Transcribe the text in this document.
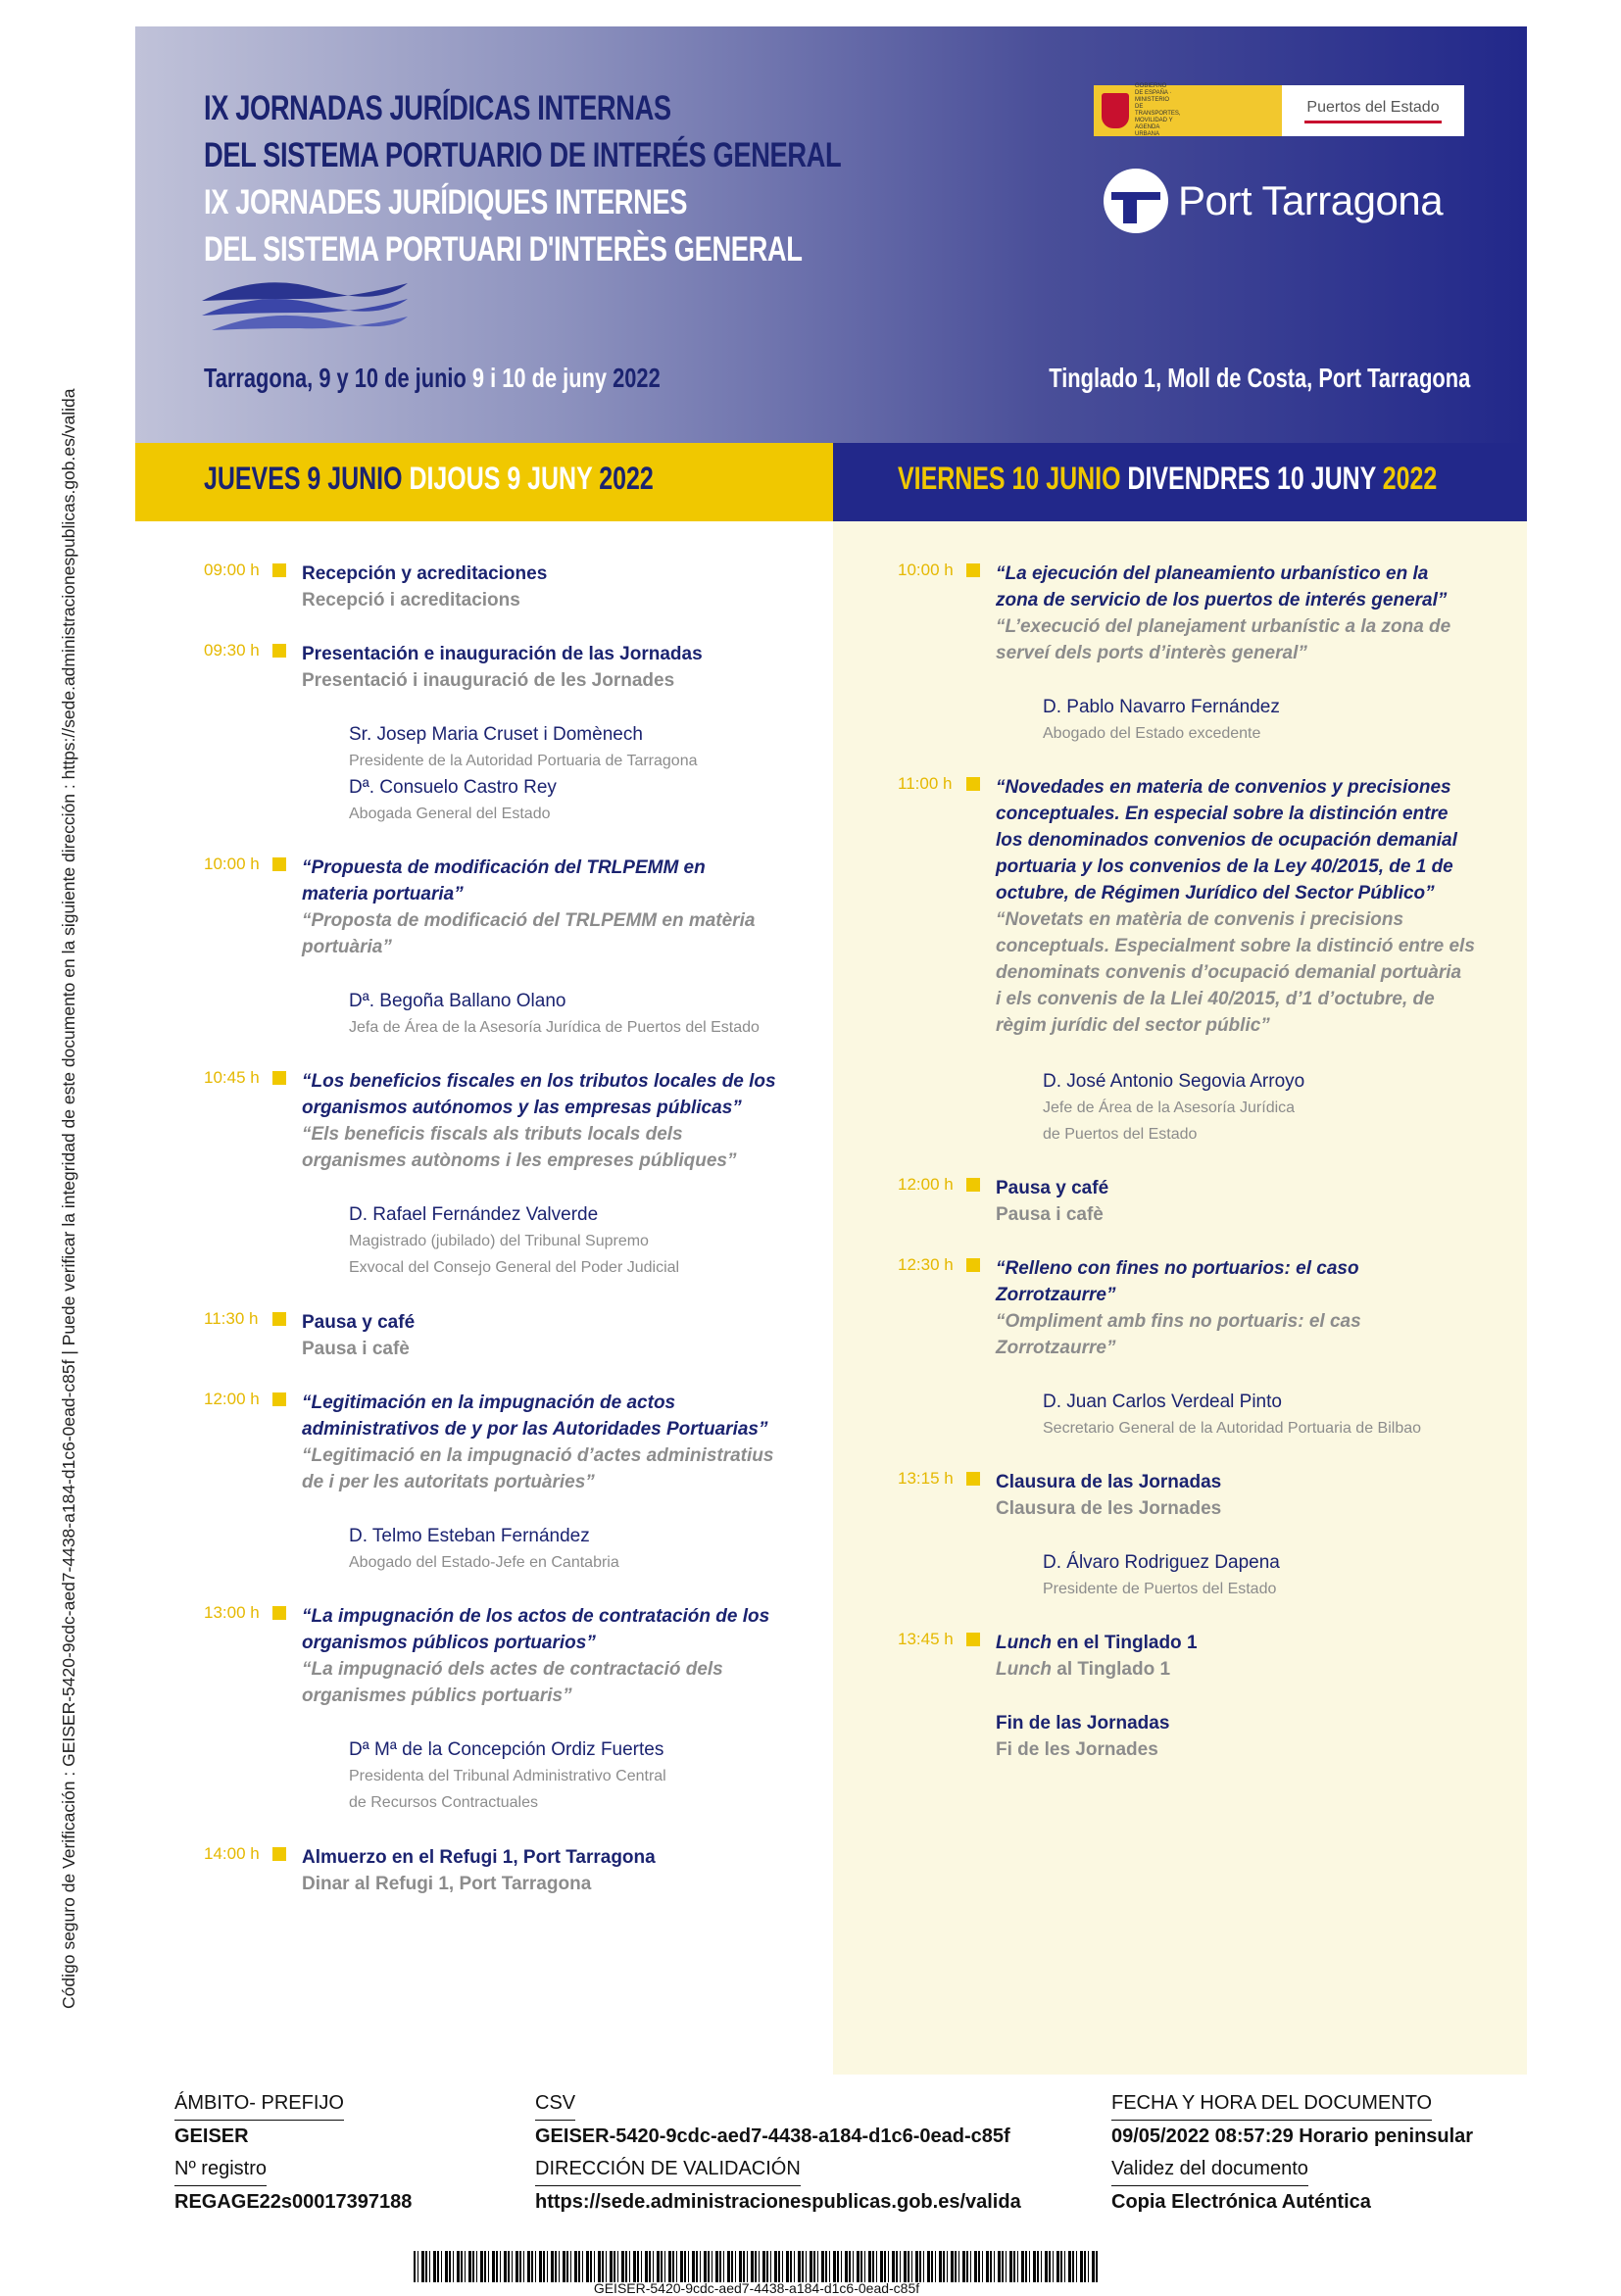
Código seguro de Verificación : GEISER-5420-9cdc-aed7-4438-a184-d1c6-0ead-c85f | Puede verificar la integridad de este documento en la siguiente dirección : https://sede.administracionespublicas.gob.es/valida
IX JORNADAS JURÍDICAS INTERNAS
DEL SISTEMA PORTUARIO DE INTERÉS GENERAL
IX JORNADES JURÍDIQUES INTERNES
DEL SISTEMA PORTUARI D'INTERÈS GENERAL
Tarragona, 9 y 10 de junio 9 i 10 de juny 2022	Tinglado 1, Moll de Costa, Port Tarragona
GOBIERNO DE ESPAÑA · MINISTERIO DE TRANSPORTES, MOVILIDAD Y AGENDA URBANA
Puertos del Estado
Port Tarragona
JUEVES 9 JUNIO DIJOUS 9 JUNY 2022	VIERNES 10 JUNIO DIVENDRES 10 JUNY 2022
09:00 h	Recepción y acreditaciones
Recepció i acreditacions
09:30 h	Presentación e inauguración de las Jornadas
Presentació i inauguració de les Jornades
Sr. Josep Maria Cruset i Domènech
Presidente de la Autoridad Portuaria de Tarragona
Dª. Consuelo Castro Rey
Abogada General del Estado
10:00 h	“Propuesta de modificación del TRLPEMM en
materia portuaria”
“Proposta de modificació del TRLPEMM en matèria
portuària”
Dª. Begoña Ballano Olano
Jefa de Área de la Asesoría Jurídica de Puertos del Estado
10:45 h	“Los beneficios fiscales en los tributos locales de los
organismos autónomos y las empresas públicas”
“Els beneficis fiscals als tributs locals dels
organismes autònoms i les empreses públiques”
D. Rafael Fernández Valverde
Magistrado (jubilado) del Tribunal Supremo
Exvocal del Consejo General del Poder Judicial
11:30 h	Pausa y café
Pausa i cafè
12:00 h	“Legitimación en la impugnación de actos
administrativos de y por las Autoridades Portuarias”
“Legitimació en la impugnació d’actes administratius
de i per les autoritats portuàries”
D. Telmo Esteban Fernández
Abogado del Estado-Jefe en Cantabria
13:00 h	“La impugnación de los actos de contratación de los
organismos públicos portuarios”
“La impugnació dels actes de contractació dels
organismes públics portuaris”
Dª Mª de la Concepción Ordiz Fuertes
Presidenta del Tribunal Administrativo Central
de Recursos Contractuales
14:00 h	Almuerzo en el Refugi 1, Port Tarragona
Dinar al Refugi 1, Port Tarragona
10:00 h	“La ejecución del planeamiento urbanístico en la
zona de servicio de los puertos de interés general”
“L’execució del planejament urbanístic a la zona de
serveí dels ports d’interès general”
D. Pablo Navarro Fernández
Abogado del Estado excedente
11:00 h	“Novedades en materia de convenios y precisiones
conceptuales. En especial sobre la distinción entre
los denominados convenios de ocupación demanial
portuaria y los convenios de la Ley 40/2015, de 1 de
octubre, de Régimen Jurídico del Sector Público”
“Novetats en matèria de convenis i precisions
conceptuals. Especialment sobre la distinció entre els
denominats convenis d’ocupació demanial portuària
i els convenis de la Llei 40/2015, d’1 d’octubre, de
règim jurídic del sector públic”
D. José Antonio Segovia Arroyo
Jefe de Área de la Asesoría Jurídica
de Puertos del Estado
12:00 h	Pausa y café
Pausa i cafè
12:30 h	“Relleno con fines no portuarios: el caso
Zorrotzaurre”
“Ompliment amb fins no portuaris: el cas
Zorrotzaurre”
D. Juan Carlos Verdeal Pinto
Secretario General de la Autoridad Portuaria de Bilbao
13:15 h	Clausura de las Jornadas
Clausura de les Jornades
D. Álvaro Rodriguez Dapena
Presidente de Puertos del Estado
13:45 h	Lunch en el Tinglado 1
Lunch al Tinglado 1
Fin de las Jornadas
Fi de les Jornades
ÁMBITO- PREFIJO
GEISER
Nº registro
REGAGE22s00017397188
CSV
GEISER-5420-9cdc-aed7-4438-a184-d1c6-0ead-c85f
DIRECCIÓN DE VALIDACIÓN
https://sede.administracionespublicas.gob.es/valida
FECHA Y HORA DEL DOCUMENTO
09/05/2022 08:57:29 Horario peninsular
Validez del documento
Copia Electrónica Auténtica
GEISER-5420-9cdc-aed7-4438-a184-d1c6-0ead-c85f
